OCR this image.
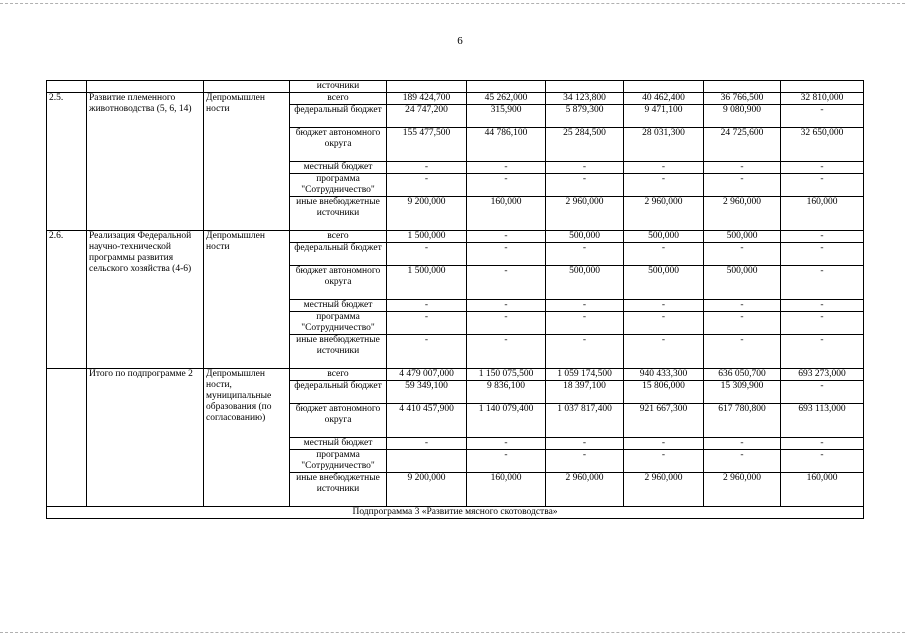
6
			источники						
2.5.	Развитие племенного животноводства (5, 6, 14)	Депромышлен ности	всего	189 424,700	45 262,000	34 123,800	40 462,400	36 766,500	32 810,000
			федеральный бюджет	24 747,200	315,900	5 879,300	9 471,100	9 080,900	-
			бюджет автономного округа	155 477,500	44 786,100	25 284,500	28 031,300	24 725,600	32 650,000
			местный бюджет	-	-	-	-	-	-
			программа "Сотрудничество"	-	-	-	-	-	-
			иные внебюджетные источники	9 200,000	160,000	2 960,000	2 960,000	2 960,000	160,000
2.6.	Реализация Федеральной научно-технической программы развития сельского хозяйства (4-6)	Депромышлен ности	всего	1 500,000	-	500,000	500,000	500,000	-
			федеральный бюджет	-	-	-	-	-	-
			бюджет автономного округа	1 500,000	-	500,000	500,000	500,000	-
			местный бюджет	-	-	-	-	-	-
			программа "Сотрудничество"	-	-	-	-	-	-
			иные внебюджетные источники	-	-	-	-	-	-
	Итого по подпрограмме 2	Депромышлен ности, муниципальные образования (по согласованию)	всего	4 479 007,000	1 150 075,500	1 059 174,500	940 433,300	636 050,700	693 273,000
			федеральный бюджет	59 349,100	9 836,100	18 397,100	15 806,000	15 309,900	-
			бюджет автономного округа	4 410 457,900	1 140 079,400	1 037 817,400	921 667,300	617 780,800	693 113,000
			местный бюджет	-	-	-	-	-	-
			программа "Сотрудничество"		-	-	-	-	-
			иные внебюджетные источники	9 200,000	160,000	2 960,000	2 960,000	2 960,000	160,000
Подпрограмма 3 «Развитие мясного скотоводства»									
